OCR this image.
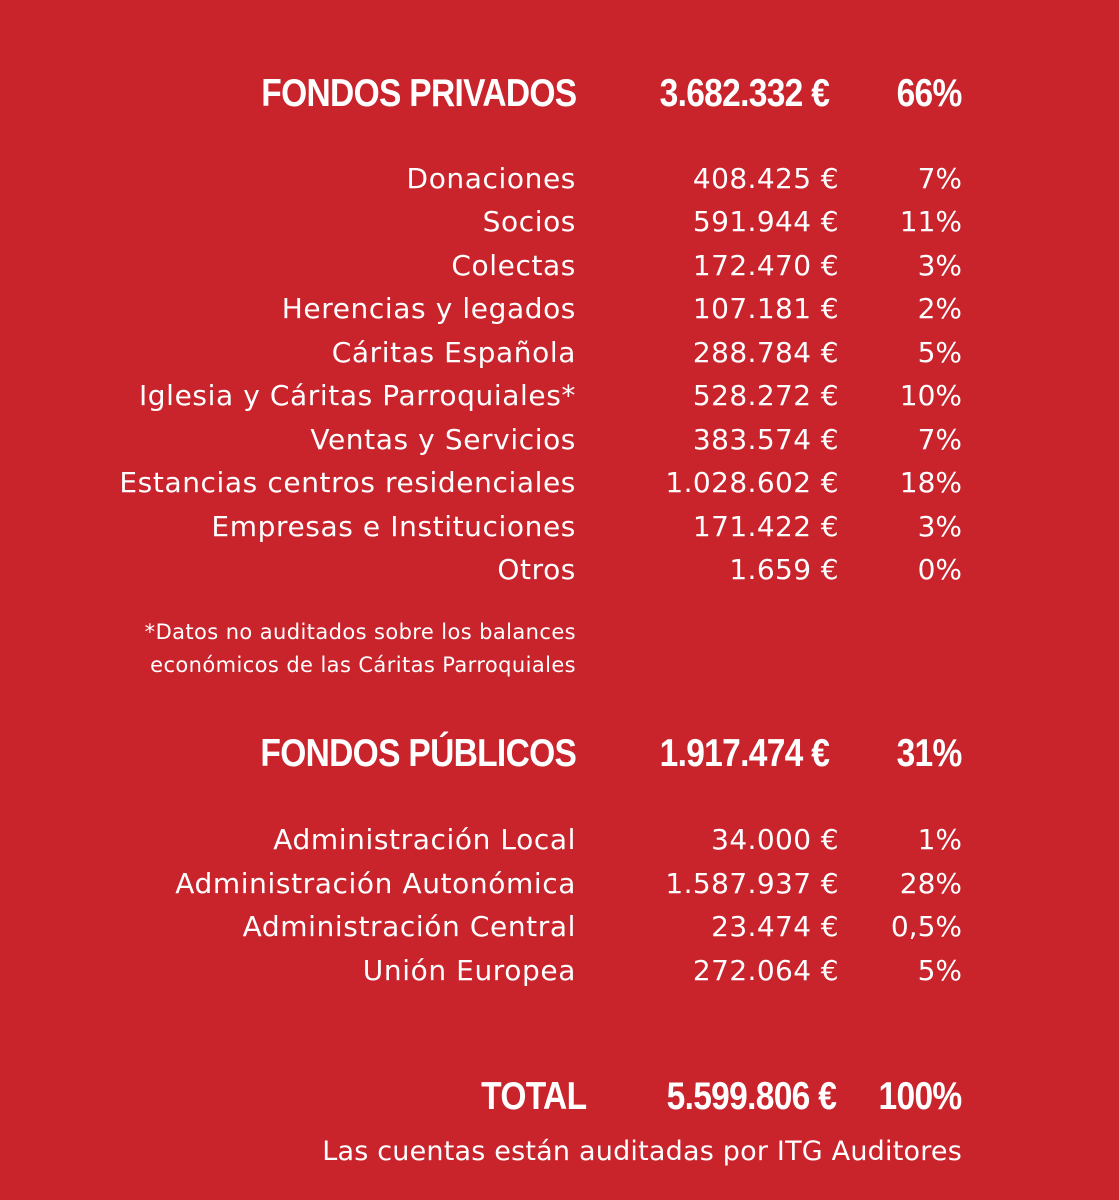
FONDOS PRIVADOS 3.682.332 € 66%
Donaciones	408.425 €	7%
Socios	591.944 € 11%
Colectas	172.470 €	3%
Herencias y legados	107.181 €	2%
Cáritas Española	288.784 €	5%
Iglesia y Cáritas Parroquiales*	528.272 € 10%
Ventas y Servicios	383.574 €	7%
Estancias centros residenciales	1.028.602 € 18%
Empresas e Instituciones	171.422 €	3%
Otros	1.659 €	0%
*Datos no auditados sobre los balances
económicos de las Cáritas Parroquiales
FONDOS PÚBLICOS 1.917.474 € 31%
Administración Local	34.000 €	1%
Administración Autonómica	1.587.937 € 28%
Administración Central	23.474 € 0,5%
Unión Europea	272.064 €	5%
TOTAL 5.599.806 € 100%
Las cuentas están auditadas por ITG Auditores
